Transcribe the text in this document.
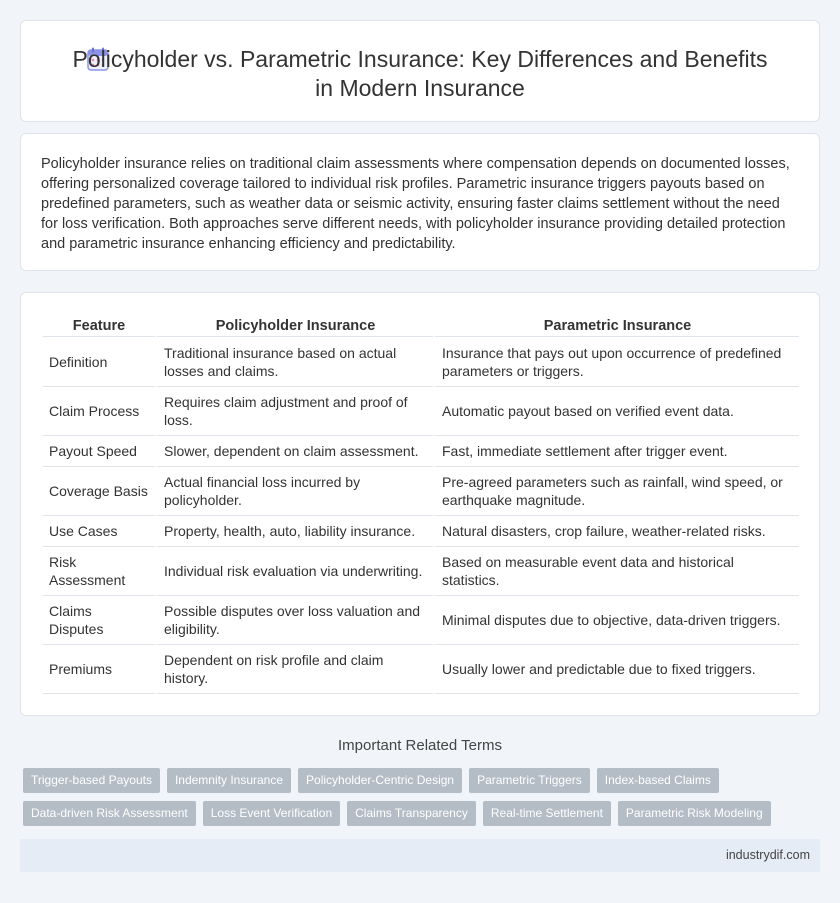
Policyholder vs. Parametric Insurance: Key Differences and Benefits in Modern Insurance

Policyholder insurance relies on traditional claim assessments where compensation depends on documented losses, offering personalized coverage tailored to individual risk profiles. Parametric insurance triggers payouts based on predefined parameters, such as weather data or seismic activity, ensuring faster claims settlement without the need for loss verification. Both approaches serve different needs, with policyholder insurance providing detailed protection and parametric insurance enhancing efficiency and predictability.

Feature	Policyholder Insurance	Parametric Insurance
Definition	Traditional insurance based on actual losses and claims.	Insurance that pays out upon occurrence of predefined parameters or triggers.
Claim Process	Requires claim adjustment and proof of loss.	Automatic payout based on verified event data.
Payout Speed	Slower, dependent on claim assessment.	Fast, immediate settlement after trigger event.
Coverage Basis	Actual financial loss incurred by policyholder.	Pre-agreed parameters such as rainfall, wind speed, or earthquake magnitude.
Use Cases	Property, health, auto, liability insurance.	Natural disasters, crop failure, weather-related risks.
Risk Assessment	Individual risk evaluation via underwriting.	Based on measurable event data and historical statistics.
Claims Disputes	Possible disputes over loss valuation and eligibility.	Minimal disputes due to objective, data-driven triggers.
Premiums	Dependent on risk profile and claim history.	Usually lower and predictable due to fixed triggers.
Important Related Terms
Trigger-based Payouts	Indemnity Insurance	Policyholder-Centric Design	Parametric Triggers	Index-based Claims
Data-driven Risk Assessment	Loss Event Verification	Claims Transparency	Real-time Settlement	Parametric Risk Modeling
industrydif.com
